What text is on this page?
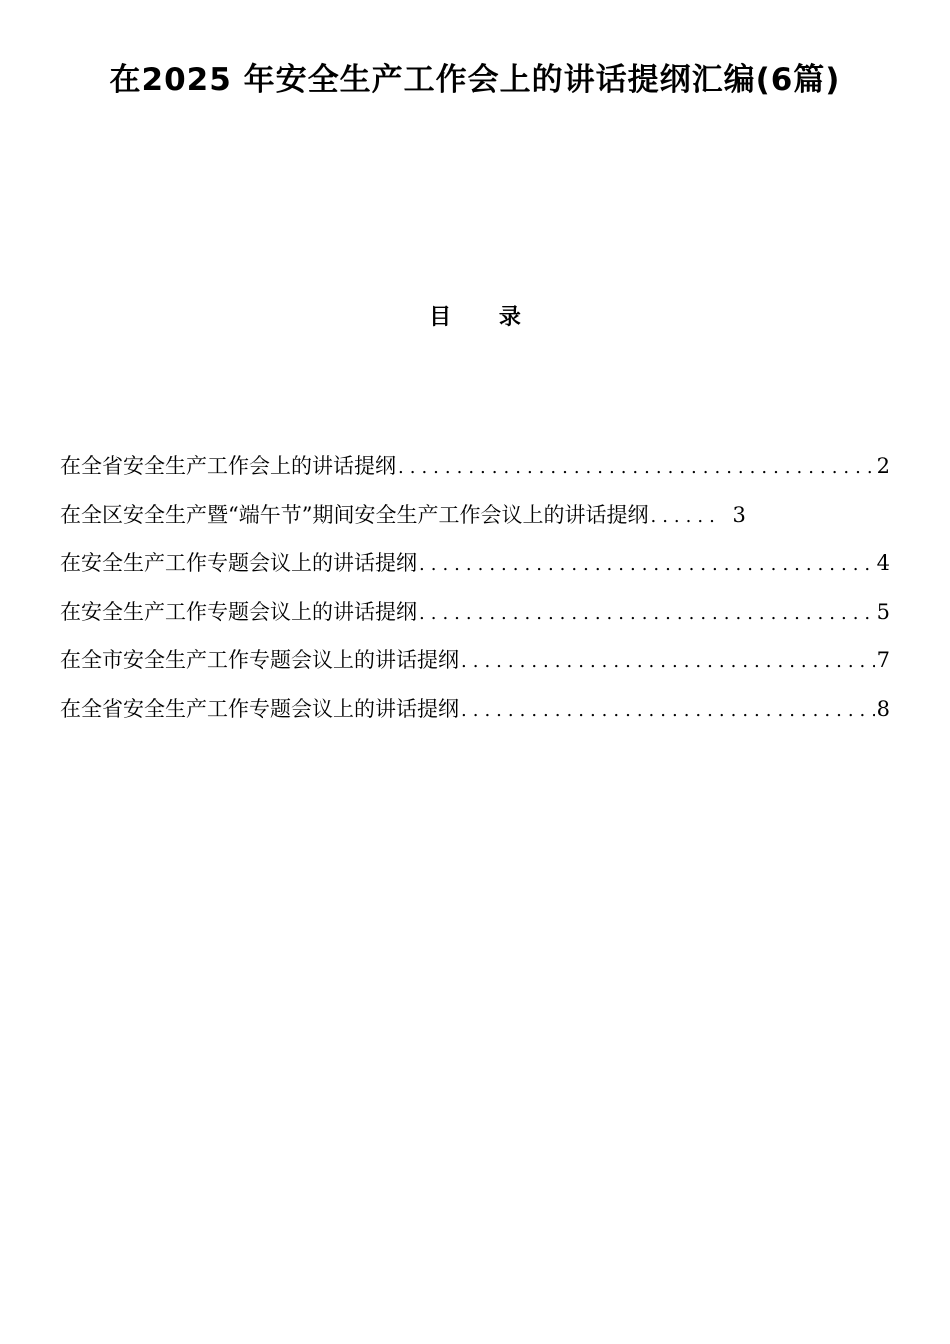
在2025 年安全生产工作会上的讲话提纲汇编(6篇)
目 录
在全省安全生产工作会上的讲话提纲 .....	2
在全区安全生产暨“端午节”期间安全生产工作会议上的讲话提纲 .....	3
在安全生产工作专题会议上的讲话提纲 .....	4
在安全生产工作专题会议上的讲话提纲 .....	5
在全市安全生产工作专题会议上的讲话提纲 .....	7
在全省安全生产工作专题会议上的讲话提纲 .....	8
